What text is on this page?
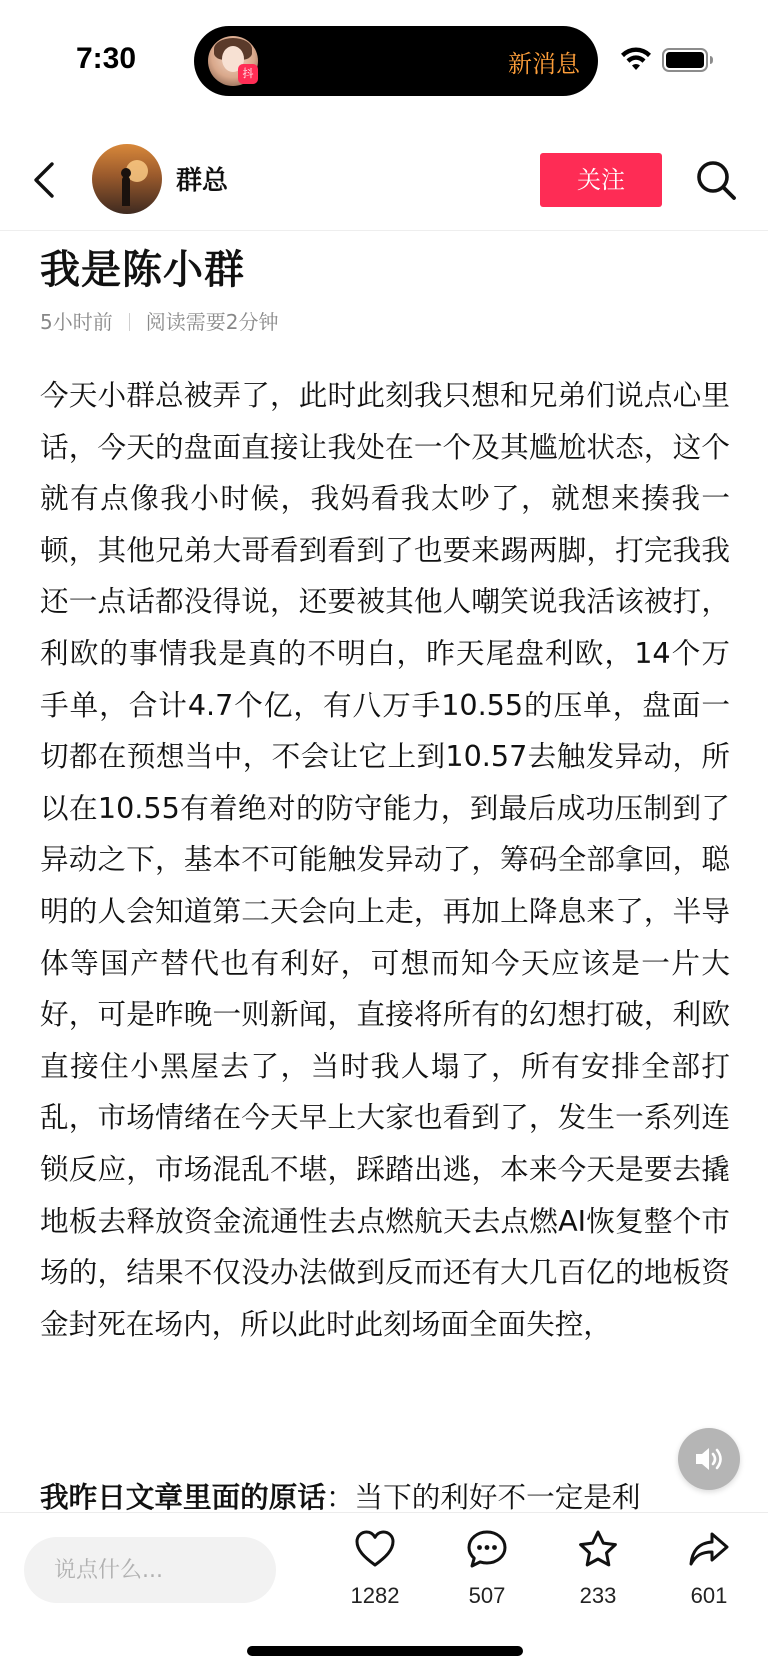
7:30	抖	新消息
群总	关注
我是陈小群
5小时前 阅读需要2分钟

今天小群总被弄了，此时此刻我只想和兄弟们说点心里话，今天的盘面直接让我处在一个及其尴尬状态，这个就有点像我小时候，我妈看我太吵了，就想来揍我一顿，其他兄弟大哥看到看到了也要来踢两脚，打完我我还一点话都没得说，还要被其他人嘲笑说我活该被打，利欧的事情我是真的不明白，昨天尾盘利欧，14个万手单，合计4.7个亿，有八万手10.55的压单，盘面一切都在预想当中，不会让它上到10.57去触发异动，所以在10.55有着绝对的防守能力，到最后成功压制到了异动之下，基本不可能触发异动了，筹码全部拿回，聪明的人会知道第二天会向上走，再加上降息来了，半导体等国产替代也有利好，可想而知今天应该是一片大好，可是昨晚一则新闻，直接将所有的幻想打破，利欧直接住小黑屋去了，当时我人塌了，所有安排全部打乱，市场情绪在今天早上大家也看到了，发生一系列连锁反应，市场混乱不堪，踩踏出逃，本来今天是要去撬地板去释放资金流通性去点燃航天去点燃AI恢复整个市场的，结果不仅没办法做到反而还有大几百亿的地板资金封死在场内，所以此时此刻场面全面失控，

我昨日文章里面的原话：当下的利好不一定是利
说点什么...
1282	507	233	601
